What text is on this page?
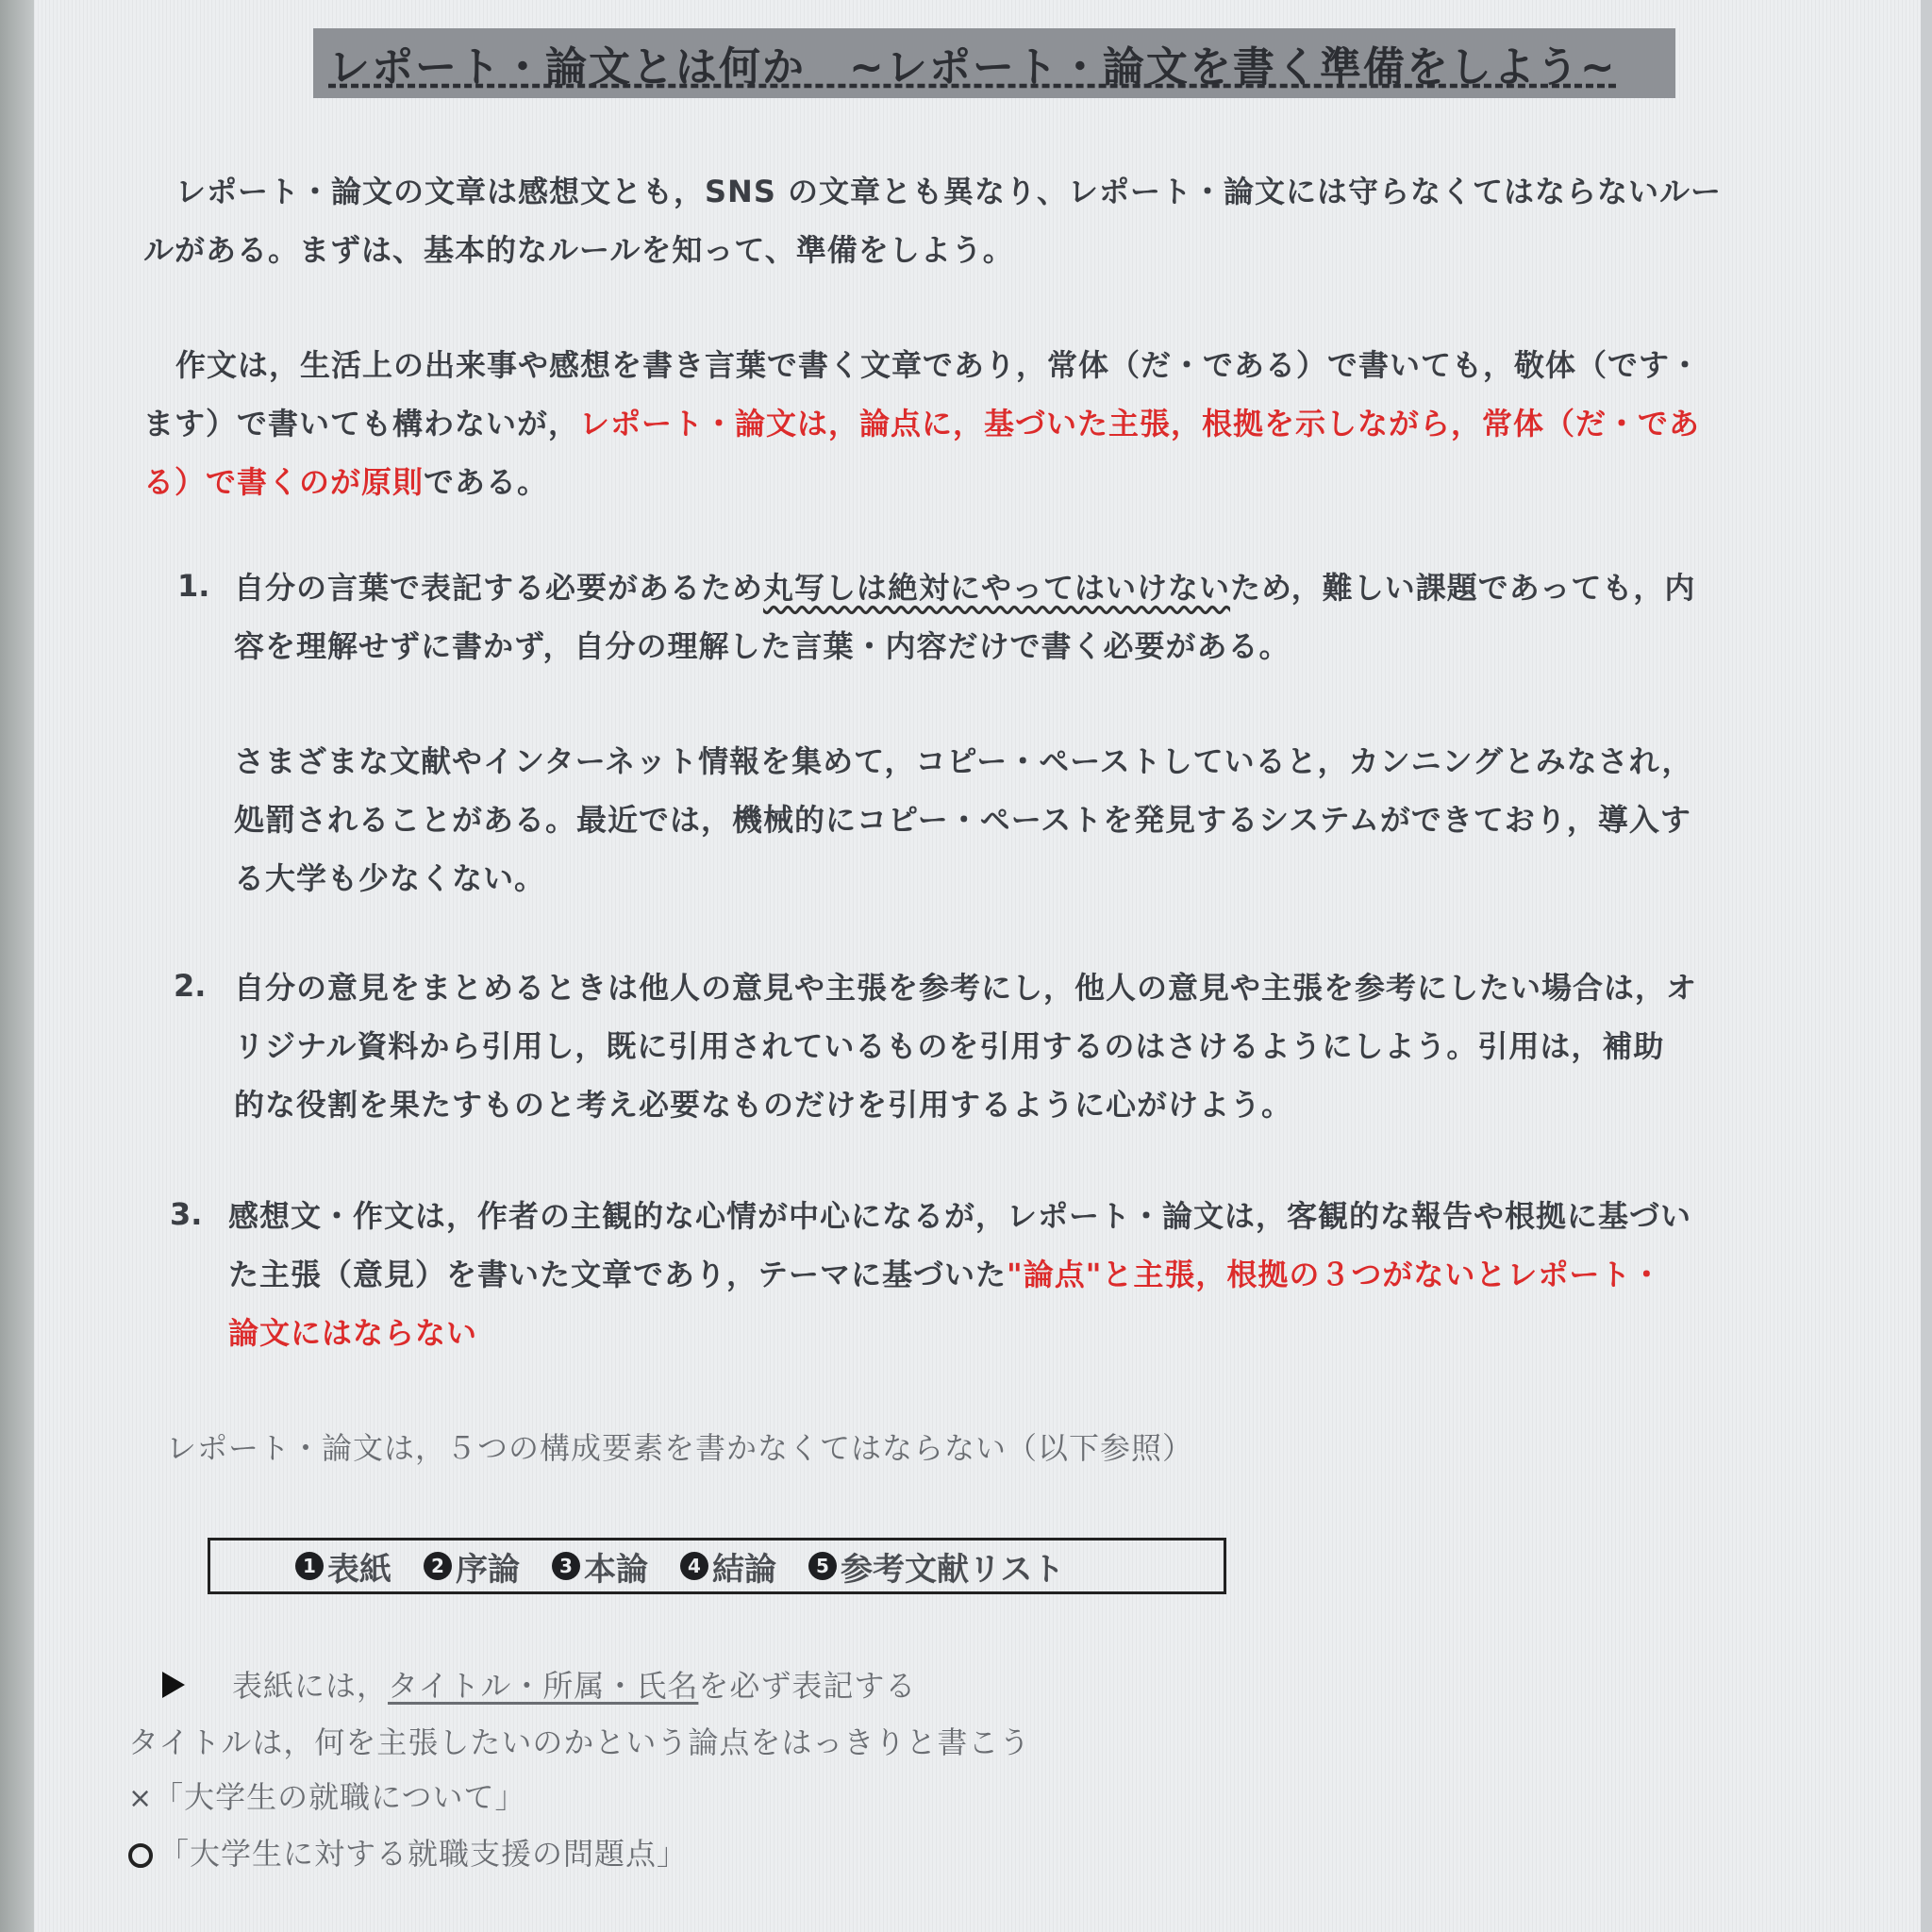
レポート・論文とは何か　~レポート・論文を書く準備をしよう~
レポート・論文の文章は感想文とも，SNS の文章とも異なり、レポート・論文には守らなくてはならないルー
ルがある。まずは、基本的なルールを知って、準備をしよう。
作文は，生活上の出来事や感想を書き言葉で書く文章であり，常体（だ・である）で書いても，敬体（です・
ます）で書いても構わないが，レポート・論文は，論点に，基づいた主張，根拠を示しながら，常体（だ・であ
る）で書くのが原則である。
1. 自分の言葉で表記する必要があるため丸写しは絶対にやってはいけないため，難しい課題であっても，内
容を理解せずに書かず，自分の理解した言葉・内容だけで書く必要がある。
さまざまな文献やインターネット情報を集めて，コピー・ペーストしていると，カンニングとみなされ，
処罰されることがある。最近では，機械的にコピー・ペーストを発見するシステムができており，導入す
る大学も少なくない。
2. 自分の意見をまとめるときは他人の意見や主張を参考にし，他人の意見や主張を参考にしたい場合は，オ
リジナル資料から引用し，既に引用されているものを引用するのはさけるようにしよう。引用は，補助
的な役割を果たすものと考え必要なものだけを引用するように心がけよう。
3. 感想文・作文は，作者の主観的な心情が中心になるが，レポート・論文は，客観的な報告や根拠に基づい
た主張（意見）を書いた文章であり，テーマに基づいた"論点"と主張，根拠の３つがないとレポート・
論文にはならない
レポート・論文は，５つの構成要素を書かなくてはならない（以下参照）
1 表紙	2 序論	3 本論	4 結論	5 参考文献リスト
表紙には，タイトル・所属・氏名を必ず表記する
タイトルは，何を主張したいのかという論点をはっきりと書こう
×「大学生の就職について」
「大学生に対する就職支援の問題点」
